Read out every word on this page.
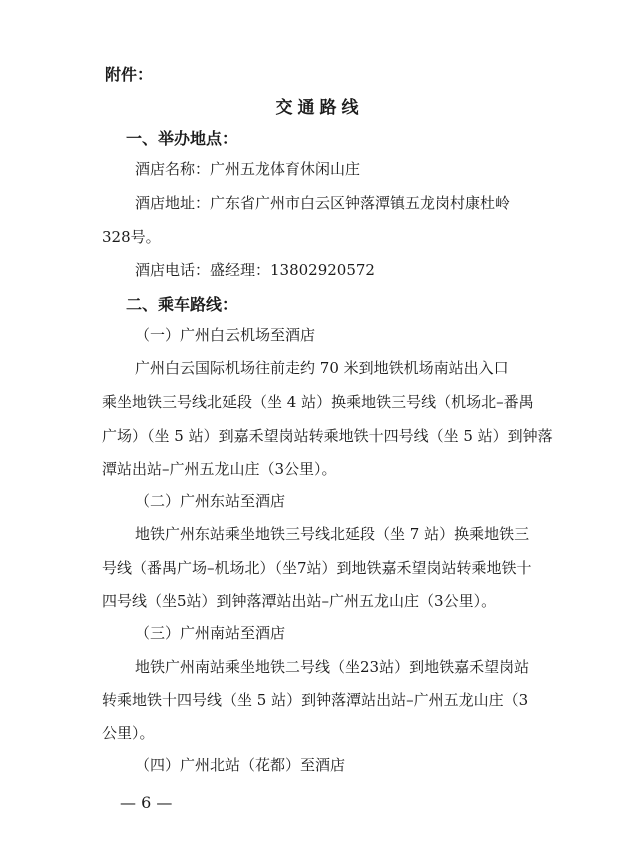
附件：
交通路线
一、举办地点：
酒店名称：广州五龙体育休闲山庄
酒店地址：广东省广州市白云区钟落潭镇五龙岗村康杜岭
328号。
酒店电话：盛经理：13802920572
二、乘车路线：
（一）广州白云机场至酒店
广州白云国际机场往前走约 70 米到地铁机场南站出入口
乘坐地铁三号线北延段（坐 4 站）换乘地铁三号线（机场北–番禺
广场）（坐 5 站）到嘉禾望岗站转乘地铁十四号线（坐 5 站）到钟落
潭站出站–广州五龙山庄（3公里）。
（二）广州东站至酒店
地铁广州东站乘坐地铁三号线北延段（坐 7 站）换乘地铁三
号线（番禺广场–机场北）（坐7站）到地铁嘉禾望岗站转乘地铁十
四号线（坐5站）到钟落潭站出站–广州五龙山庄（3公里）。
（三）广州南站至酒店
地铁广州南站乘坐地铁二号线（坐23站）到地铁嘉禾望岗站
转乘地铁十四号线（坐 5 站）到钟落潭站出站–广州五龙山庄（3
公里）。
（四）广州北站（花都）至酒店
— 6 —
